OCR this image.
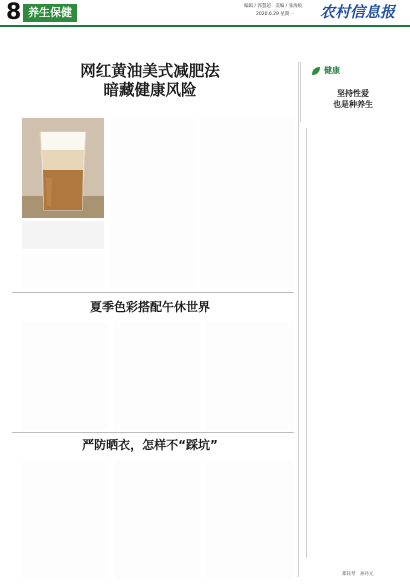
8 养生保健	编辑 / 郭慧超　美编 / 张海蛟
2020.6.29 星期一 农村信息报
网红黄油美式减肥法
暗藏健康风险
健康
坚持性爱
也是种养生
郑钰琴　孙丹元
夏季色彩搭配午休世界
严防晒衣，怎样不“踩坑”
